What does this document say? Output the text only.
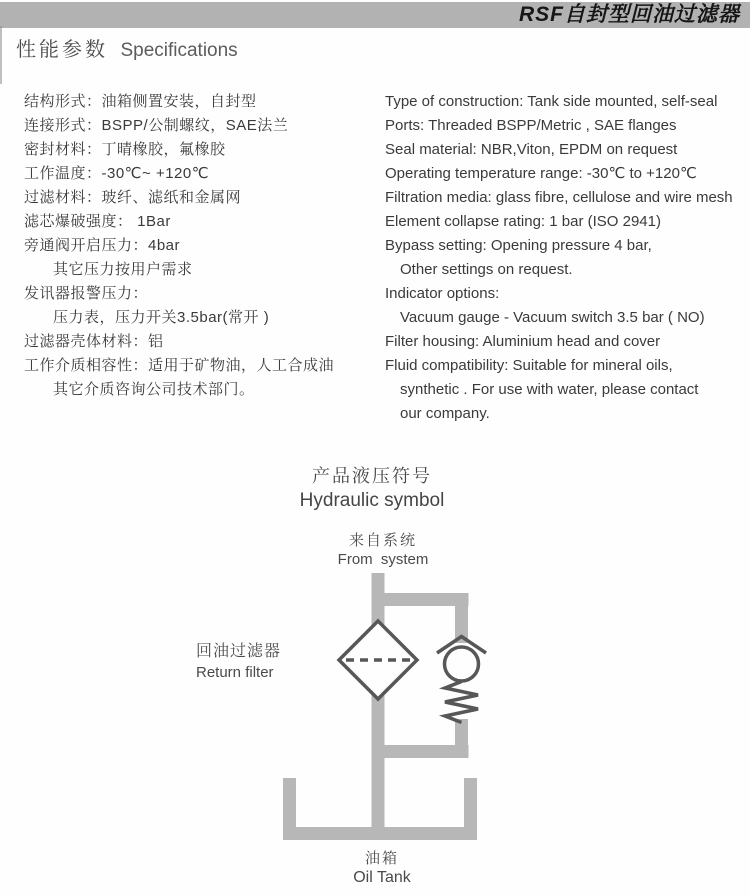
RSF自封型回油过滤器
性能参数 Specifications
结构形式：油箱侧置安装，自封型
连接形式：BSPP/公制螺纹，SAE法兰
密封材料：丁晴橡胶，氟橡胶
工作温度：-30℃~ +120℃
过滤材料：玻纤、滤纸和金属网
滤芯爆破强度： 1Bar
旁通阀开启压力：4bar
其它压力按用户需求
发讯器报警压力：
压力表，压力开关3.5bar(常开 )
过滤器壳体材料：铝
工作介质相容性：适用于矿物油，人工合成油
其它介质咨询公司技术部门。
Type of construction: Tank side mounted, self-seal
Ports: Threaded BSPP/Metric , SAE flanges
Seal material: NBR,Viton, EPDM on request
Operating temperature range: -30℃ to +120℃
Filtration media: glass fibre, cellulose and wire mesh
Element collapse rating: 1 bar (ISO 2941)
Bypass setting: Opening pressure 4 bar,
Other settings on request.
Indicator options:
Vacuum gauge - Vacuum switch 3.5 bar ( NO)
Filter housing: Aluminium head and cover
Fluid compatibility: Suitable for mineral oils,
synthetic . For use with water, please contact
our company.
产品液压符号
Hydraulic symbol
来自系统
From system
回油过滤器
Return filter
油箱
Oil Tank
